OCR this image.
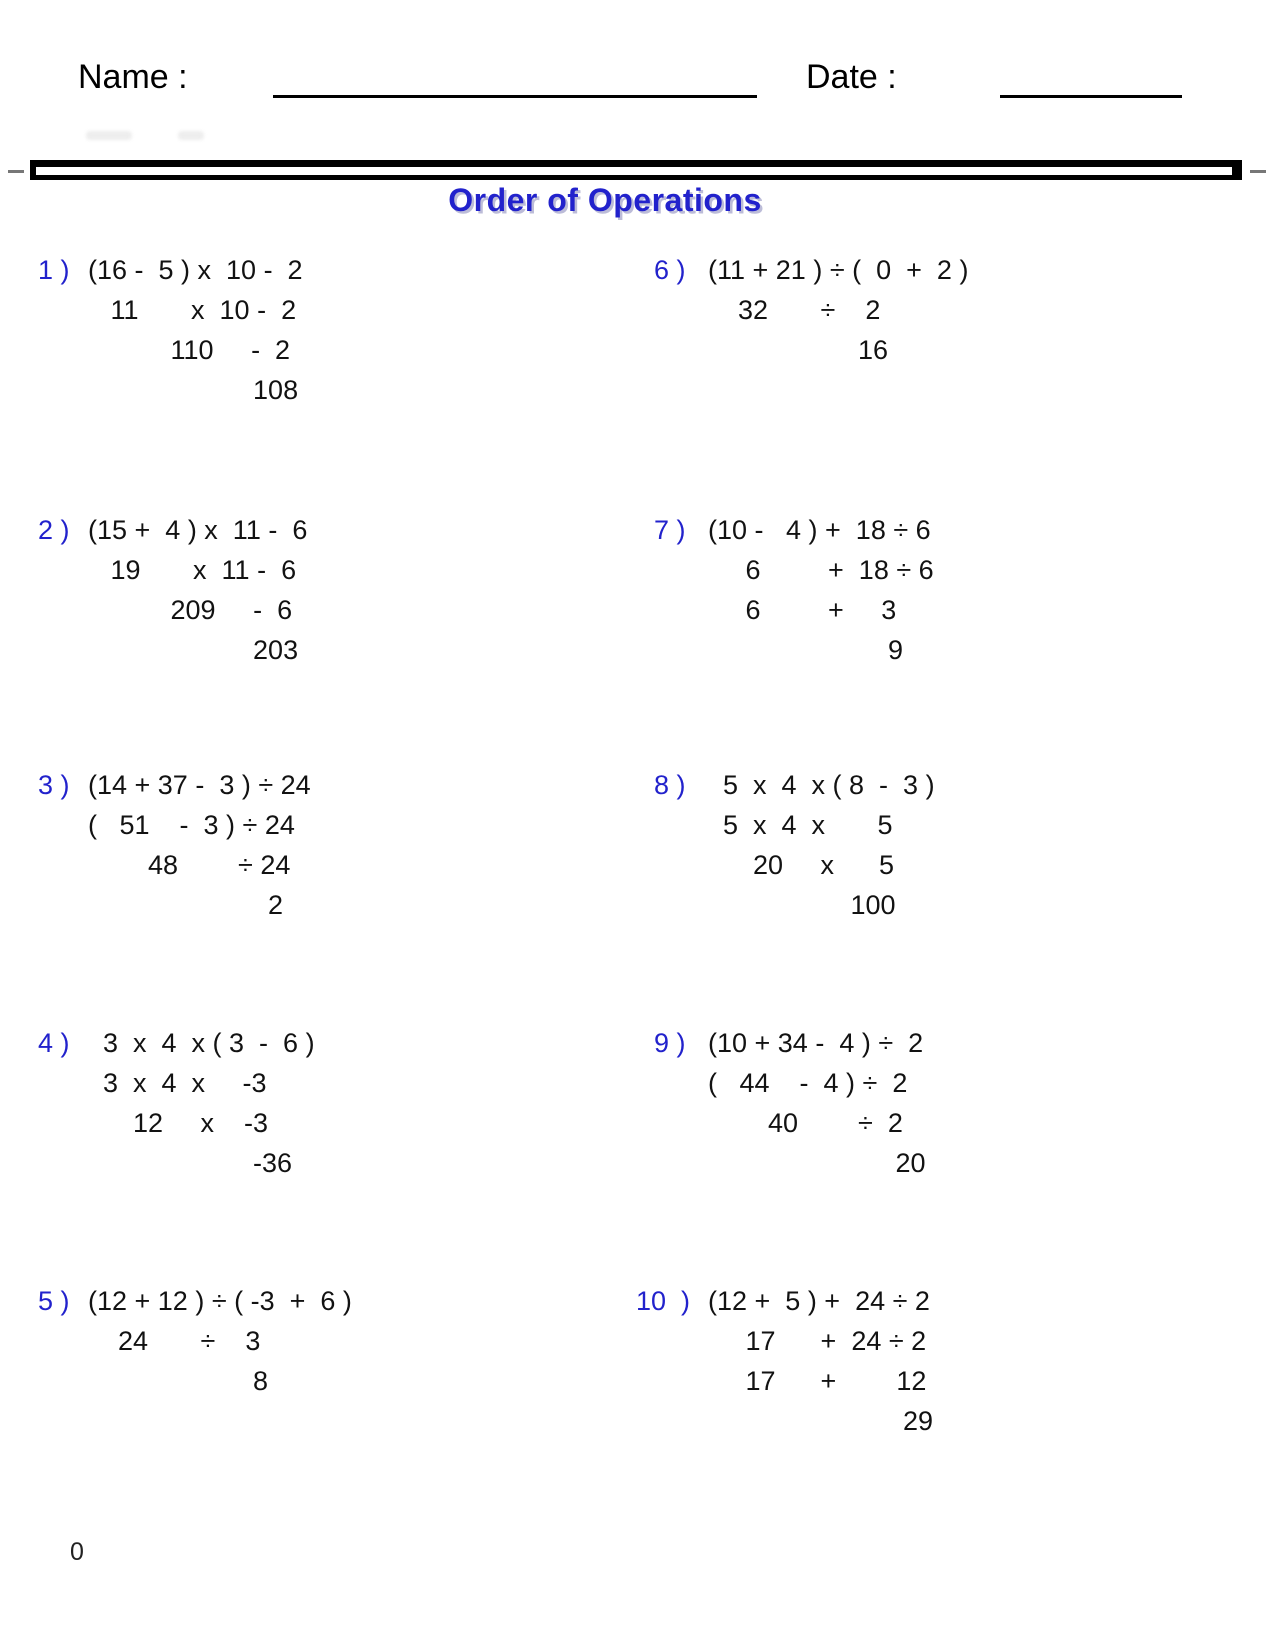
Name :	Date :
Order of Operations
1 ) (16 -  5 ) x  10 -  2
11       x  10 -  2
110     -  2
108
2 ) (15 +  4 ) x  11 -  6
19       x  11 -  6
209     -  6
203
3 ) (14 + 37 -  3 ) ÷ 24
(   51    -  3 ) ÷ 24
48        ÷ 24
2
4 ) 3  x  4  x ( 3  -  6 )
3  x  4  x     -3
12     x    -3
-36
5 ) (12 + 12 ) ÷ ( -3  +  6 )
24       ÷    3
8
6 ) (11 + 21 ) ÷ (  0  +  2 )
32       ÷    2
16
7 ) (10 -   4 ) +  18 ÷ 6
6         +  18 ÷ 6
6         +     3
9
8 ) 5  x  4  x ( 8  -  3 )
5  x  4  x       5
20     x      5
100
9 ) (10 + 34 -  4 ) ÷  2
(   44    -  4 ) ÷  2
40        ÷  2
20
10  ) (12 +  5 ) +  24 ÷ 2
17      +  24 ÷ 2
17      +        12
29
0
